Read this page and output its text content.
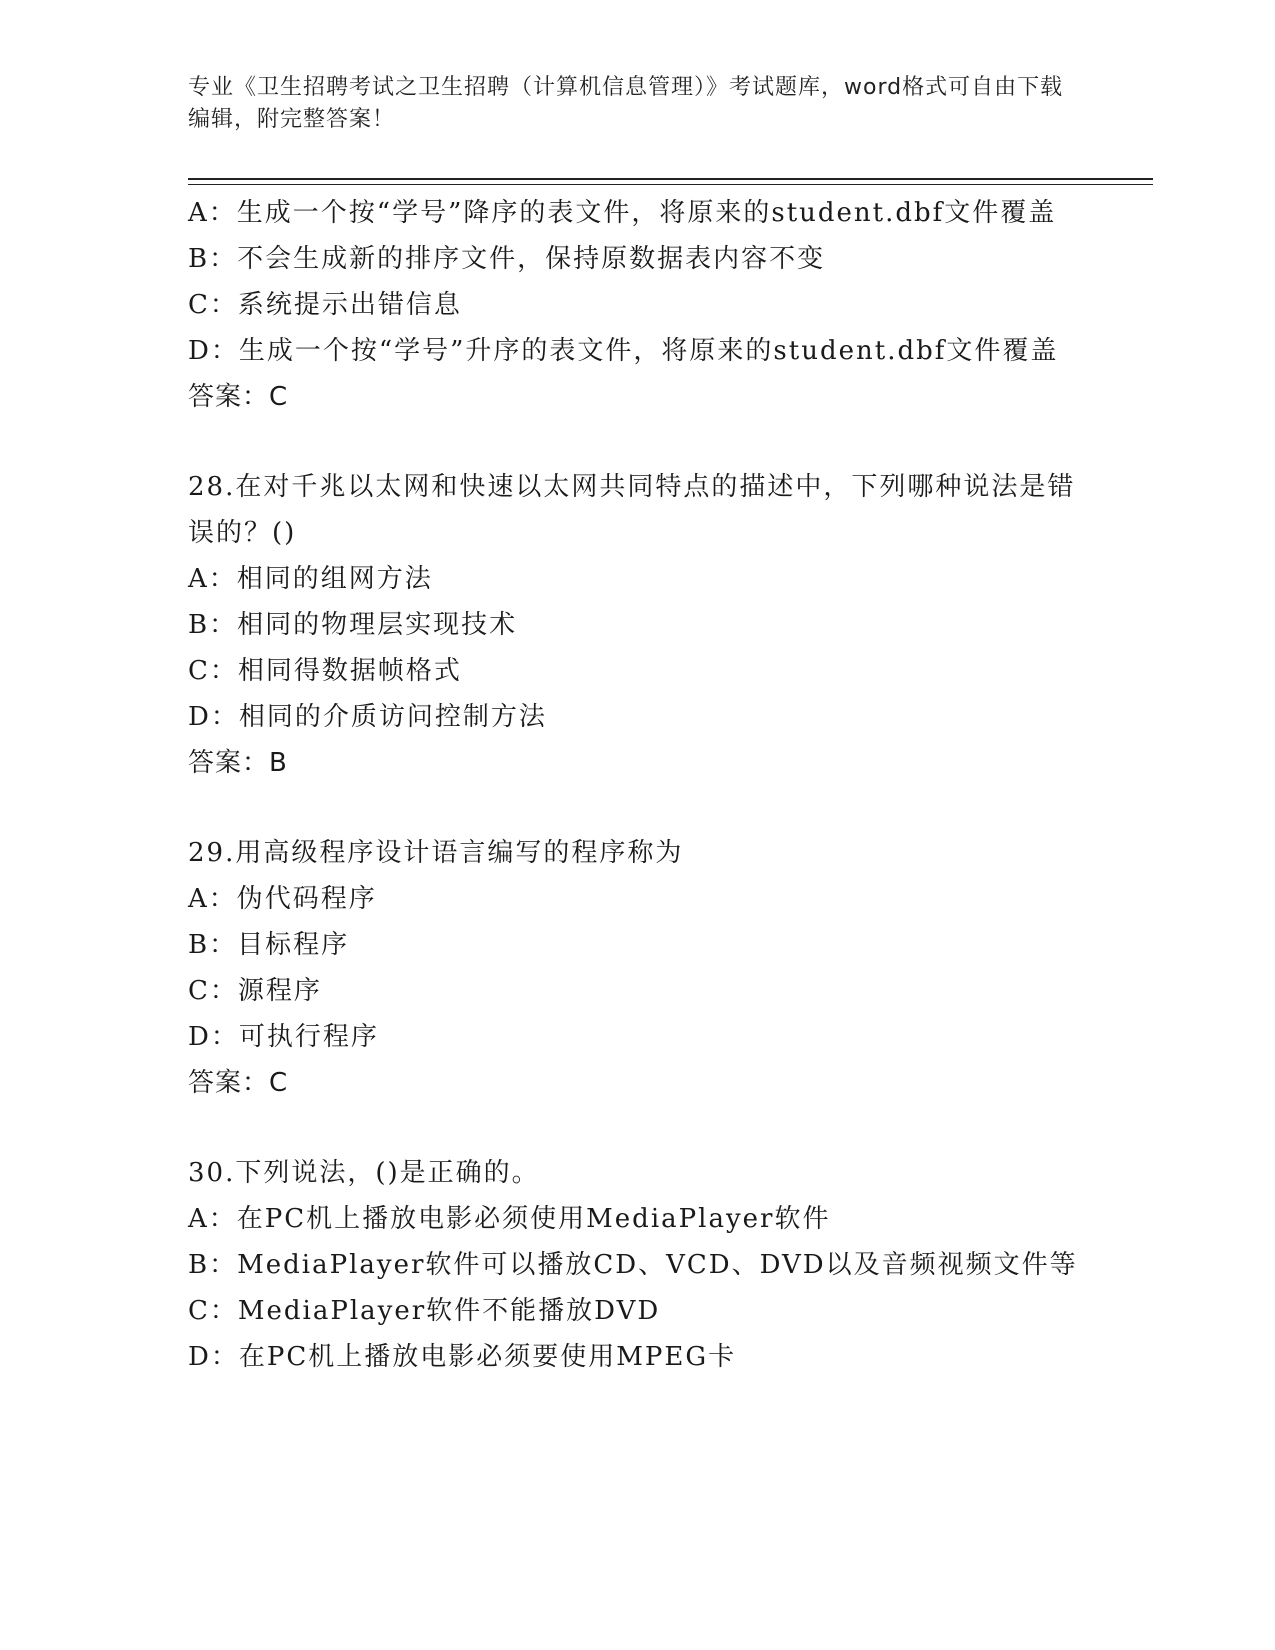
专业《卫生招聘考试之卫生招聘（计算机信息管理）》考试题库，word格式可自由下载编辑，附完整答案！
A：生成一个按“学号”降序的表文件，将原来的student.dbf文件覆盖
B：不会生成新的排序文件，保持原数据表内容不变
C：系统提示出错信息
D：生成一个按“学号”升序的表文件，将原来的student.dbf文件覆盖
答案：C
28.在对千兆以太网和快速以太网共同特点的描述中，下列哪种说法是错误的？()
A：相同的组网方法
B：相同的物理层实现技术
C：相同得数据帧格式
D：相同的介质访问控制方法
答案：B
29.用高级程序设计语言编写的程序称为
A：伪代码程序
B：目标程序
C：源程序
D：可执行程序
答案：C
30.下列说法，()是正确的。
A：在PC机上播放电影必须使用MediaPlayer软件
B：MediaPlayer软件可以播放CD、VCD、DVD以及音频视频文件等
C：MediaPlayer软件不能播放DVD
D：在PC机上播放电影必须要使用MPEG卡
